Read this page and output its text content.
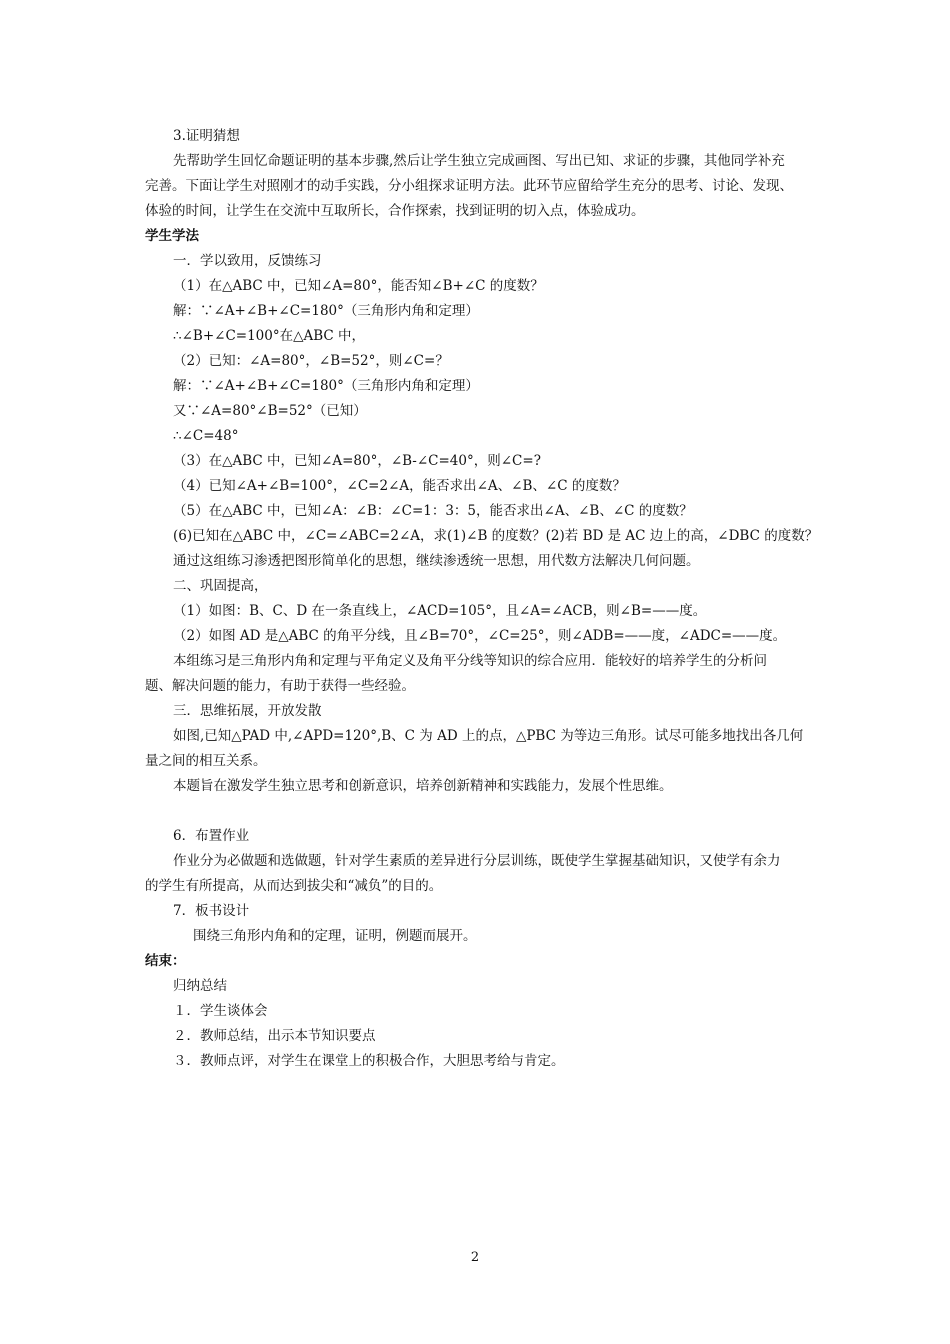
3.证明猜想
先帮助学生回忆命题证明的基本步骤,然后让学生独立完成画图、写出已知、求证的步骤，其他同学补充
完善。下面让学生对照刚才的动手实践，分小组探求证明方法。此环节应留给学生充分的思考、讨论、发现、
体验的时间，让学生在交流中互取所长，合作探索，找到证明的切入点，体验成功。
学生学法
一．学以致用，反馈练习
（1）在△ABC 中，已知∠A=80°，能否知∠B+∠C 的度数？
解：∵∠A+∠B+∠C=180°（三角形内角和定理）
∴∠B+∠C=100°在△ABC 中，
（2）已知：∠A=80°，∠B=52°，则∠C=？
解：∵∠A+∠B+∠C=180°（三角形内角和定理）
又∵∠A=80°∠B=52°（已知）
∴∠C=48°
（3）在△ABC 中，已知∠A=80°，∠B-∠C=40°，则∠C=?
（4）已知∠A+∠B=100°，∠C=2∠A，能否求出∠A、∠B、∠C 的度数？
（5）在△ABC 中，已知∠A：∠B：∠C=1：3：5，能否求出∠A、∠B、∠C 的度数？
(6)已知在△ABC 中，∠C=∠ABC=2∠A，求(1)∠B 的度数？(2)若 BD 是 AC 边上的高，∠DBC 的度数？
通过这组练习渗透把图形简单化的思想，继续渗透统一思想，用代数方法解决几何问题。
二、巩固提高，
（1）如图：B、C、D 在一条直线上，∠ACD=105°，且∠A=∠ACB，则∠B=——度。
（2）如图 AD 是△ABC 的角平分线，且∠B=70°，∠C=25°，则∠ADB=——度，∠ADC=——度。
本组练习是三角形内角和定理与平角定义及角平分线等知识的综合应用．能较好的培养学生的分析问
题、解决问题的能力，有助于获得一些经验。
三．思维拓展，开放发散
如图,已知△PAD 中,∠APD=120°,B、C 为 AD 上的点，△PBC 为等边三角形。试尽可能多地找出各几何
量之间的相互关系。
本题旨在激发学生独立思考和创新意识，培养创新精神和实践能力，发展个性思维。
6．布置作业
作业分为必做题和选做题，针对学生素质的差异进行分层训练，既使学生掌握基础知识，又使学有余力
的学生有所提高，从而达到拔尖和“减负”的目的。
7．板书设计
围绕三角形内角和的定理，证明，例题而展开。
结束：
归纳总结
１．学生谈体会
２．教师总结，出示本节知识要点
３．教师点评，对学生在课堂上的积极合作，大胆思考给与肯定。
2
